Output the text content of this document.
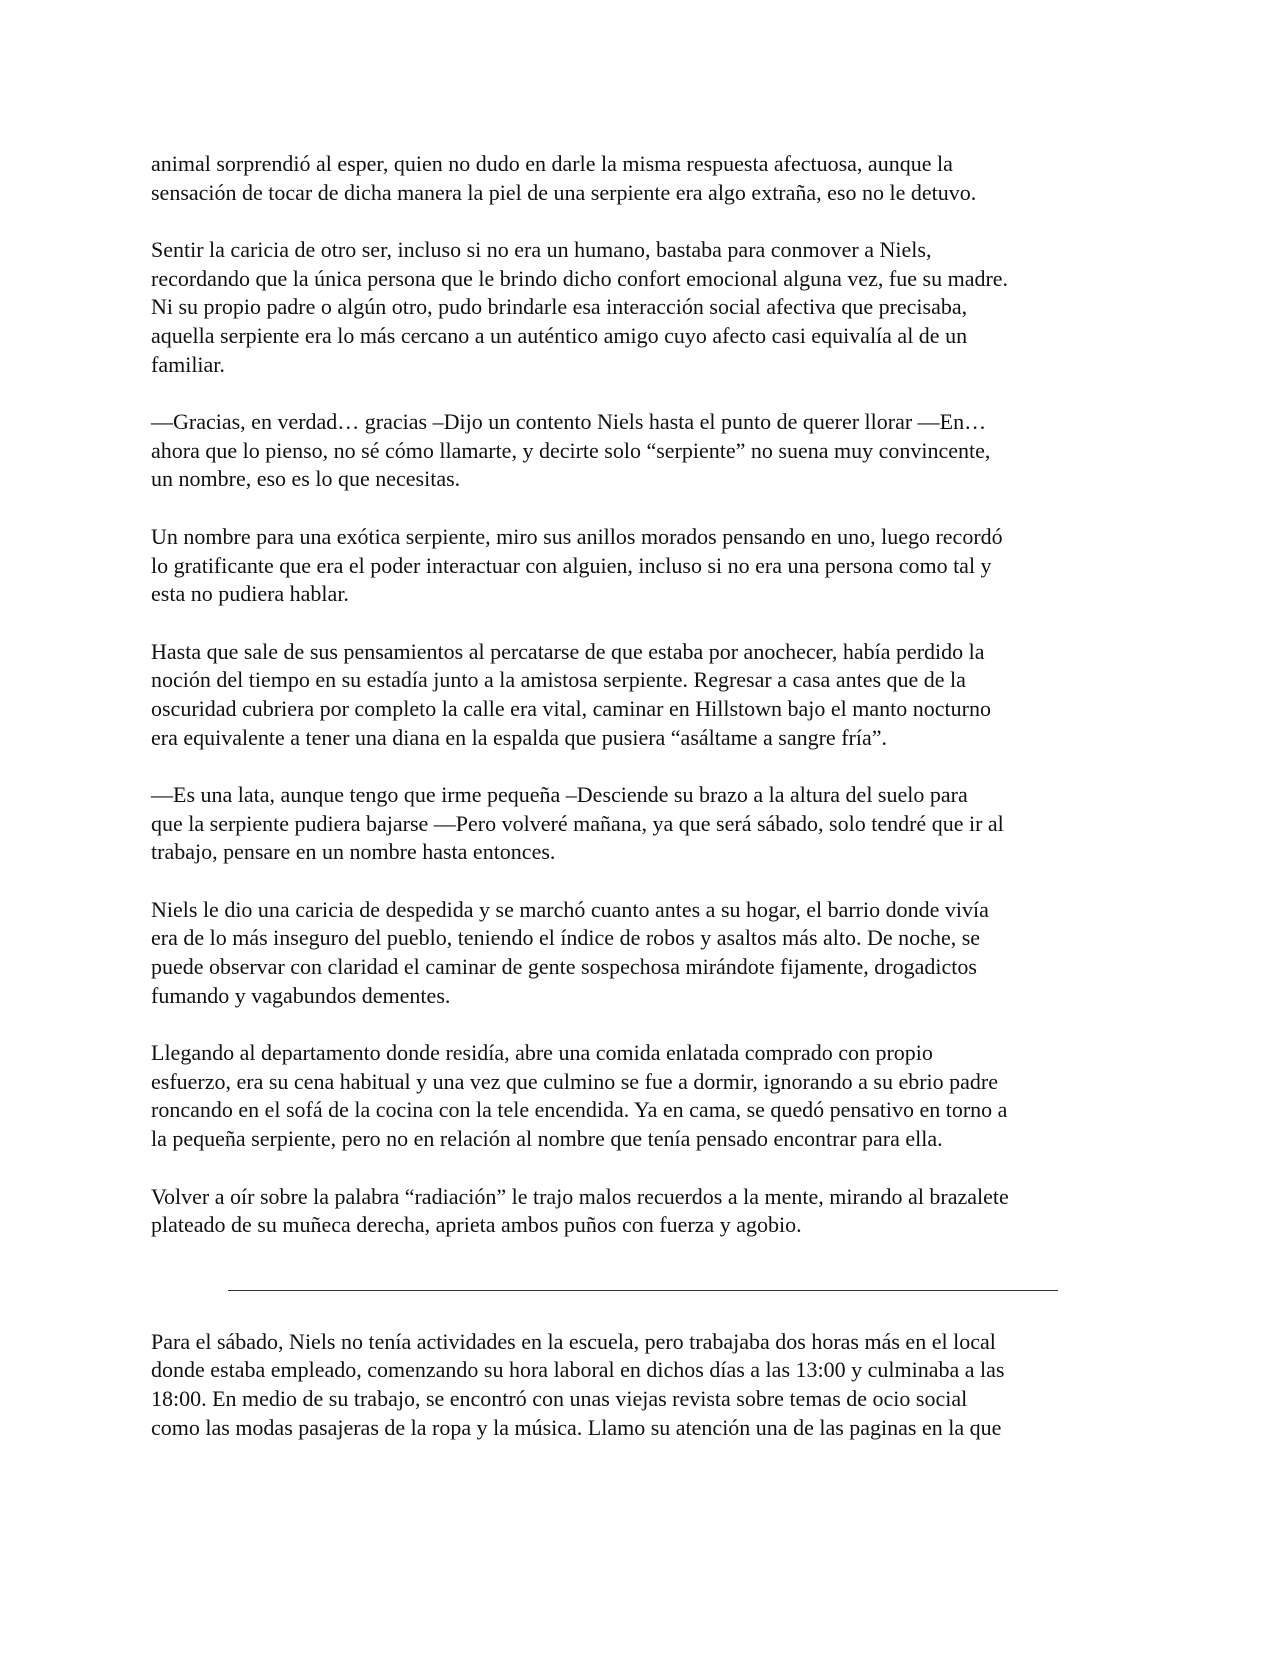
animal sorprendió al esper, quien no dudo en darle la misma respuesta afectuosa, aunque la
sensación de tocar de dicha manera la piel de una serpiente era algo extraña, eso no le detuvo.

Sentir la caricia de otro ser, incluso si no era un humano, bastaba para conmover a Niels,
recordando que la única persona que le brindo dicho confort emocional alguna vez, fue su madre.
Ni su propio padre o algún otro, pudo brindarle esa interacción social afectiva que precisaba,
aquella serpiente era lo más cercano a un auténtico amigo cuyo afecto casi equivalía al de un
familiar.

—Gracias, en verdad… gracias –Dijo un contento Niels hasta el punto de querer llorar —En…
ahora que lo pienso, no sé cómo llamarte, y decirte solo “serpiente” no suena muy convincente,
un nombre, eso es lo que necesitas.

Un nombre para una exótica serpiente, miro sus anillos morados pensando en uno, luego recordó
lo gratificante que era el poder interactuar con alguien, incluso si no era una persona como tal y
esta no pudiera hablar.

Hasta que sale de sus pensamientos al percatarse de que estaba por anochecer, había perdido la
noción del tiempo en su estadía junto a la amistosa serpiente. Regresar a casa antes que de la
oscuridad cubriera por completo la calle era vital, caminar en Hillstown bajo el manto nocturno
era equivalente a tener una diana en la espalda que pusiera “asáltame a sangre fría”.

—Es una lata, aunque tengo que irme pequeña –Desciende su brazo a la altura del suelo para
que la serpiente pudiera bajarse —Pero volveré mañana, ya que será sábado, solo tendré que ir al
trabajo, pensare en un nombre hasta entonces.

Niels le dio una caricia de despedida y se marchó cuanto antes a su hogar, el barrio donde vivía
era de lo más inseguro del pueblo, teniendo el índice de robos y asaltos más alto. De noche, se
puede observar con claridad el caminar de gente sospechosa mirándote fijamente, drogadictos
fumando y vagabundos dementes.

Llegando al departamento donde residía, abre una comida enlatada comprado con propio
esfuerzo, era su cena habitual y una vez que culmino se fue a dormir, ignorando a su ebrio padre
roncando en el sofá de la cocina con la tele encendida. Ya en cama, se quedó pensativo en torno a
la pequeña serpiente, pero no en relación al nombre que tenía pensado encontrar para ella.

Volver a oír sobre la palabra “radiación” le trajo malos recuerdos a la mente, mirando al brazalete
plateado de su muñeca derecha, aprieta ambos puños con fuerza y agobio.

Para el sábado, Niels no tenía actividades en la escuela, pero trabajaba dos horas más en el local
donde estaba empleado, comenzando su hora laboral en dichos días a las 13:00 y culminaba a las
18:00. En medio de su trabajo, se encontró con unas viejas revista sobre temas de ocio social
como las modas pasajeras de la ropa y la música. Llamo su atención una de las paginas en la que
